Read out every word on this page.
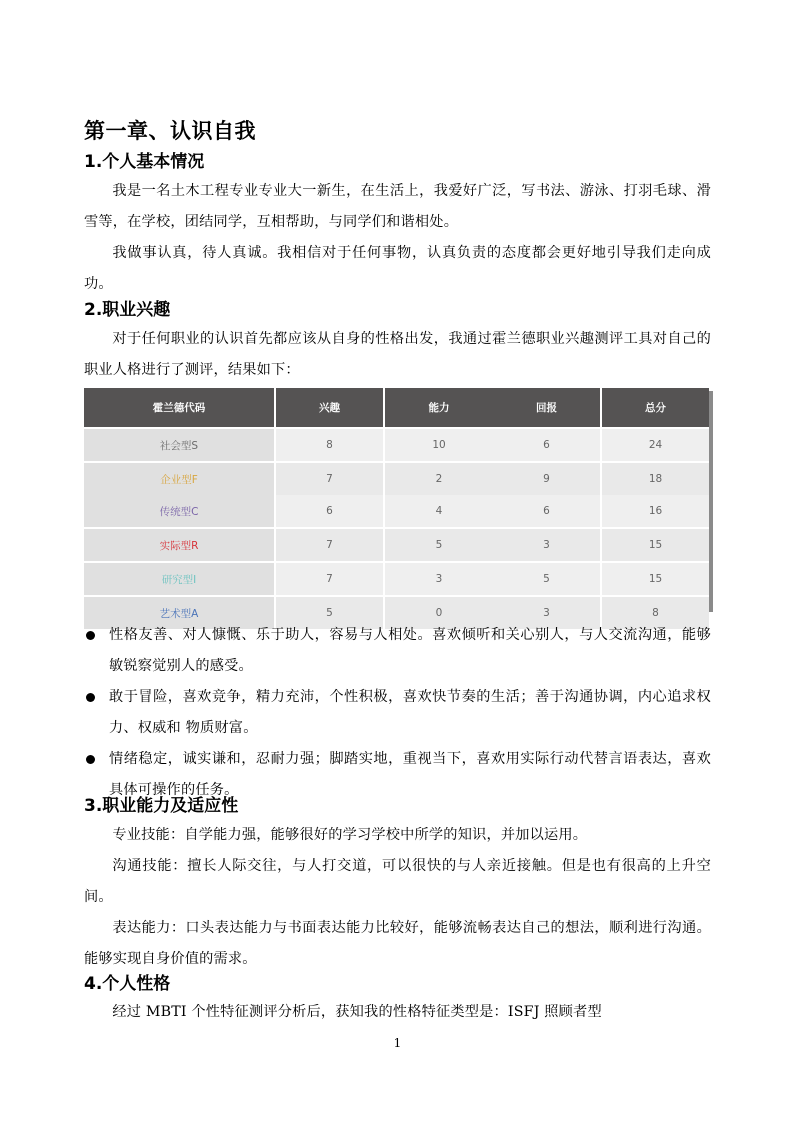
第一章、认识自我
1.个人基本情况
我是一名土木工程专业专业大一新生，在生活上，我爱好广泛，写书法、游泳、打羽毛球、滑雪等，在学校，团结同学，互相帮助，与同学们和谐相处。
我做事认真，待人真诚。我相信对于任何事物，认真负责的态度都会更好地引导我们走向成功。
2.职业兴趣
对于任何职业的认识首先都应该从自身的性格出发，我通过霍兰德职业兴趣测评工具对自己的职业人格进行了测评，结果如下：
霍兰德代码	兴趣	能力	回报	总分
社会型S	8	10	6	24
企业型F	7	2	9	18
传统型C	6	4	6	16
实际型R	7	5	3	15
研究型I	7	3	5	15
艺术型A	5	0	3	8
性格友善、对人慷慨、乐于助人，容易与人相处。喜欢倾听和关心别人，与人交流沟通，能够敏锐察觉别人的感受。
敢于冒险，喜欢竞争，精力充沛，个性积极，喜欢快节奏的生活；善于沟通协调，内心追求权力、权威和 物质财富。
情绪稳定，诚实谦和，忍耐力强；脚踏实地，重视当下，喜欢用实际行动代替言语表达，喜欢具体可操作的任务。
3.职业能力及适应性
专业技能：自学能力强，能够很好的学习学校中所学的知识，并加以运用。
沟通技能：擅长人际交往，与人打交道，可以很快的与人亲近接触。但是也有很高的上升空间。
表达能力：口头表达能力与书面表达能力比较好，能够流畅表达自己的想法，顺利进行沟通。能够实现自身价值的需求。
4.个人性格
经过 MBTI 个性特征测评分析后，获知我的性格特征类型是：ISFJ 照顾者型
1
